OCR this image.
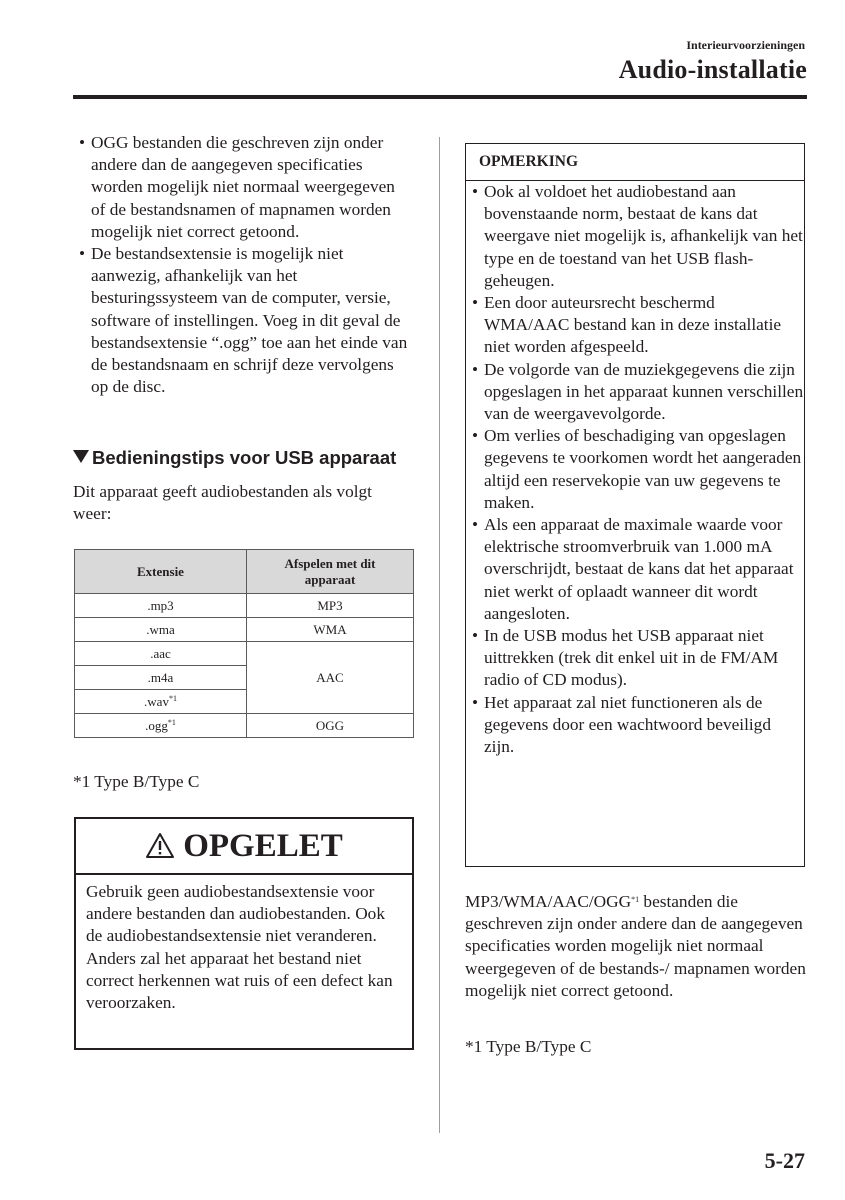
Interieurvoorzieningen
Audio-installatie
• OGG bestanden die geschreven zijn onder andere dan de aangegeven specificaties worden mogelijk niet normaal weergegeven of de bestandsnamen of mapnamen worden mogelijk niet correct getoond.
• De bestandsextensie is mogelijk niet aanwezig, afhankelijk van het besturingssysteem van de computer, versie, software of instellingen. Voeg in dit geval de bestandsextensie “.ogg” toe aan het einde van de bestandsnaam en schrijf deze vervolgens op de disc.
Bedieningstips voor USB apparaat
Dit apparaat geeft audiobestanden als volgt weer:
Extensie	Afspelen met dit apparaat
.mp3	MP3
.wma	WMA
.aac	AAC
.m4a	
.wav$^{*1}$
.ogg$^{*1}$	OGG
*1 Type B/Type C
OPGELET
Gebruik geen audiobestandsextensie voor andere bestanden dan audiobestanden. Ook de audiobestandsextensie niet veranderen. Anders zal het apparaat het bestand niet correct herkennen wat ruis of een defect kan veroorzaken.
OPMERKING
• Ook al voldoet het audiobestand aan bovenstaande norm, bestaat de kans dat weergave niet mogelijk is, afhankelijk van het type en de toestand van het USB flash-geheugen.
• Een door auteursrecht beschermd WMA/AAC bestand kan in deze installatie niet worden afgespeeld.
• De volgorde van de muziekgegevens die zijn opgeslagen in het apparaat kunnen verschillen van de weergavevolgorde.
• Om verlies of beschadiging van opgeslagen gegevens te voorkomen wordt het aangeraden altijd een reservekopie van uw gegevens te maken.
• Als een apparaat de maximale waarde voor elektrische stroomverbruik van 1.000 mA overschrijdt, bestaat de kans dat het apparaat niet werkt of oplaadt wanneer dit wordt aangesloten.
• In de USB modus het USB apparaat niet uittrekken (trek dit enkel uit in de FM/AM radio of CD modus).
• Het apparaat zal niet functioneren als de gegevens door een wachtwoord beveiligd zijn.
MP3/WMA/AAC/OGG$^{*1}$ bestanden die geschreven zijn onder andere dan de aangegeven specificaties worden mogelijk niet normaal weergegeven of de bestands-/ mapnamen worden mogelijk niet correct getoond.
*1 Type B/Type C
5-27
